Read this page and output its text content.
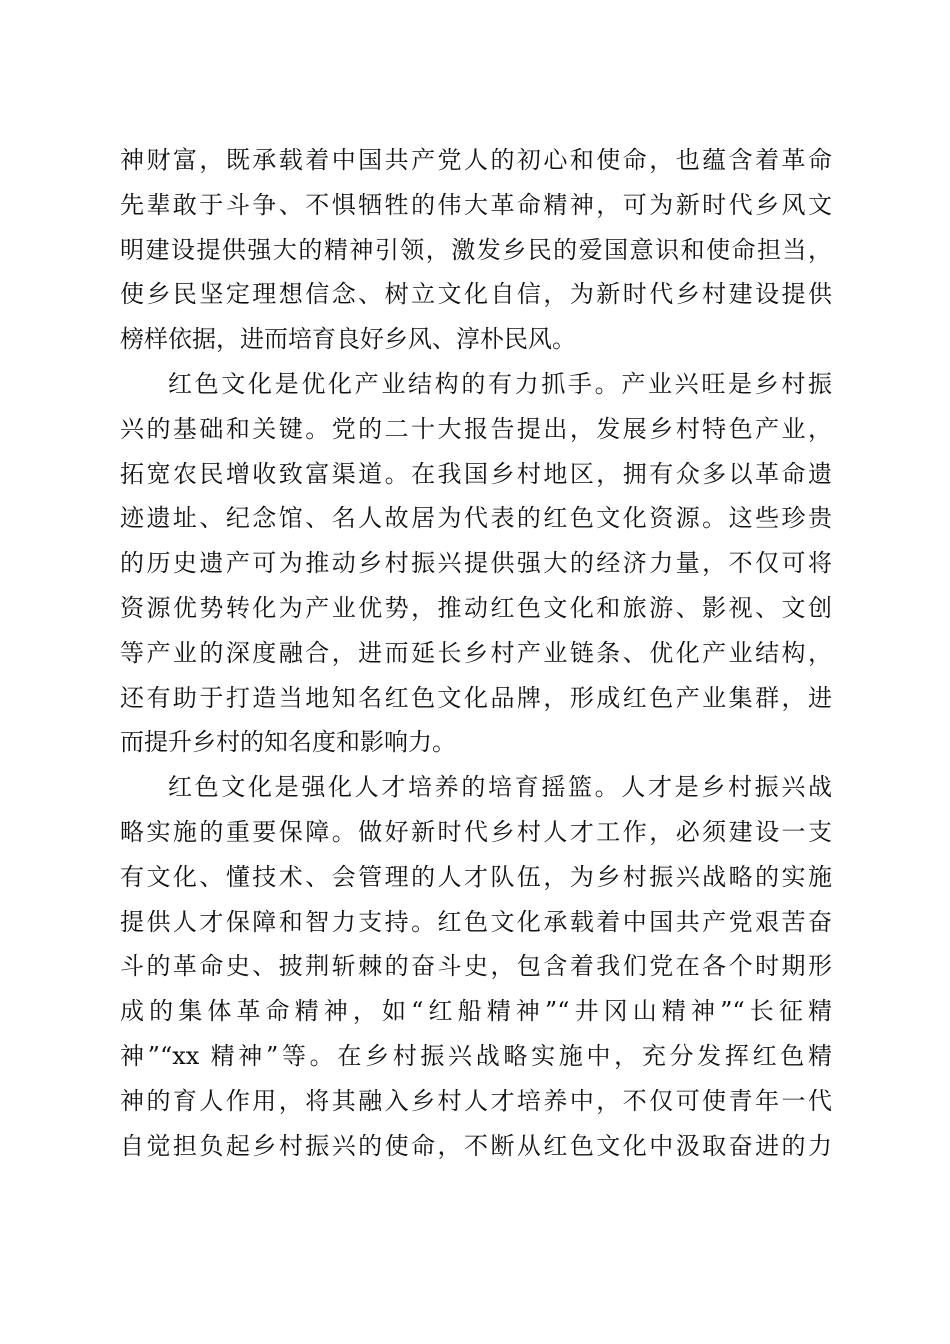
神财富，既承载着中国共产党人的初心和使命，也蕴含着革命
先辈敢于斗争、不惧牺牲的伟大革命精神，可为新时代乡风文
明建设提供强大的精神引领，激发乡民的爱国意识和使命担当，
使乡民坚定理想信念、树立文化自信，为新时代乡村建设提供
榜样依据，进而培育良好乡风、淳朴民风。
红色文化是优化产业结构的有力抓手。产业兴旺是乡村振
兴的基础和关键。党的二十大报告提出，发展乡村特色产业，
拓宽农民增收致富渠道。在我国乡村地区，拥有众多以革命遗
迹遗址、纪念馆、名人故居为代表的红色文化资源。这些珍贵
的历史遗产可为推动乡村振兴提供强大的经济力量，不仅可将
资源优势转化为产业优势，推动红色文化和旅游、影视、文创
等产业的深度融合，进而延长乡村产业链条、优化产业结构，
还有助于打造当地知名红色文化品牌，形成红色产业集群，进
而提升乡村的知名度和影响力。
红色文化是强化人才培养的培育摇篮。人才是乡村振兴战
略实施的重要保障。做好新时代乡村人才工作，必须建设一支
有文化、懂技术、会管理的人才队伍，为乡村振兴战略的实施
提供人才保障和智力支持。红色文化承载着中国共产党艰苦奋
斗的革命史、披荆斩棘的奋斗史，包含着我们党在各个时期形
成的集体革命精神，如“红船精神”“井冈山精神”“长征精
神”“xx 精神”等。在乡村振兴战略实施中，充分发挥红色精
神的育人作用，将其融入乡村人才培养中，不仅可使青年一代
自觉担负起乡村振兴的使命，不断从红色文化中汲取奋进的力
